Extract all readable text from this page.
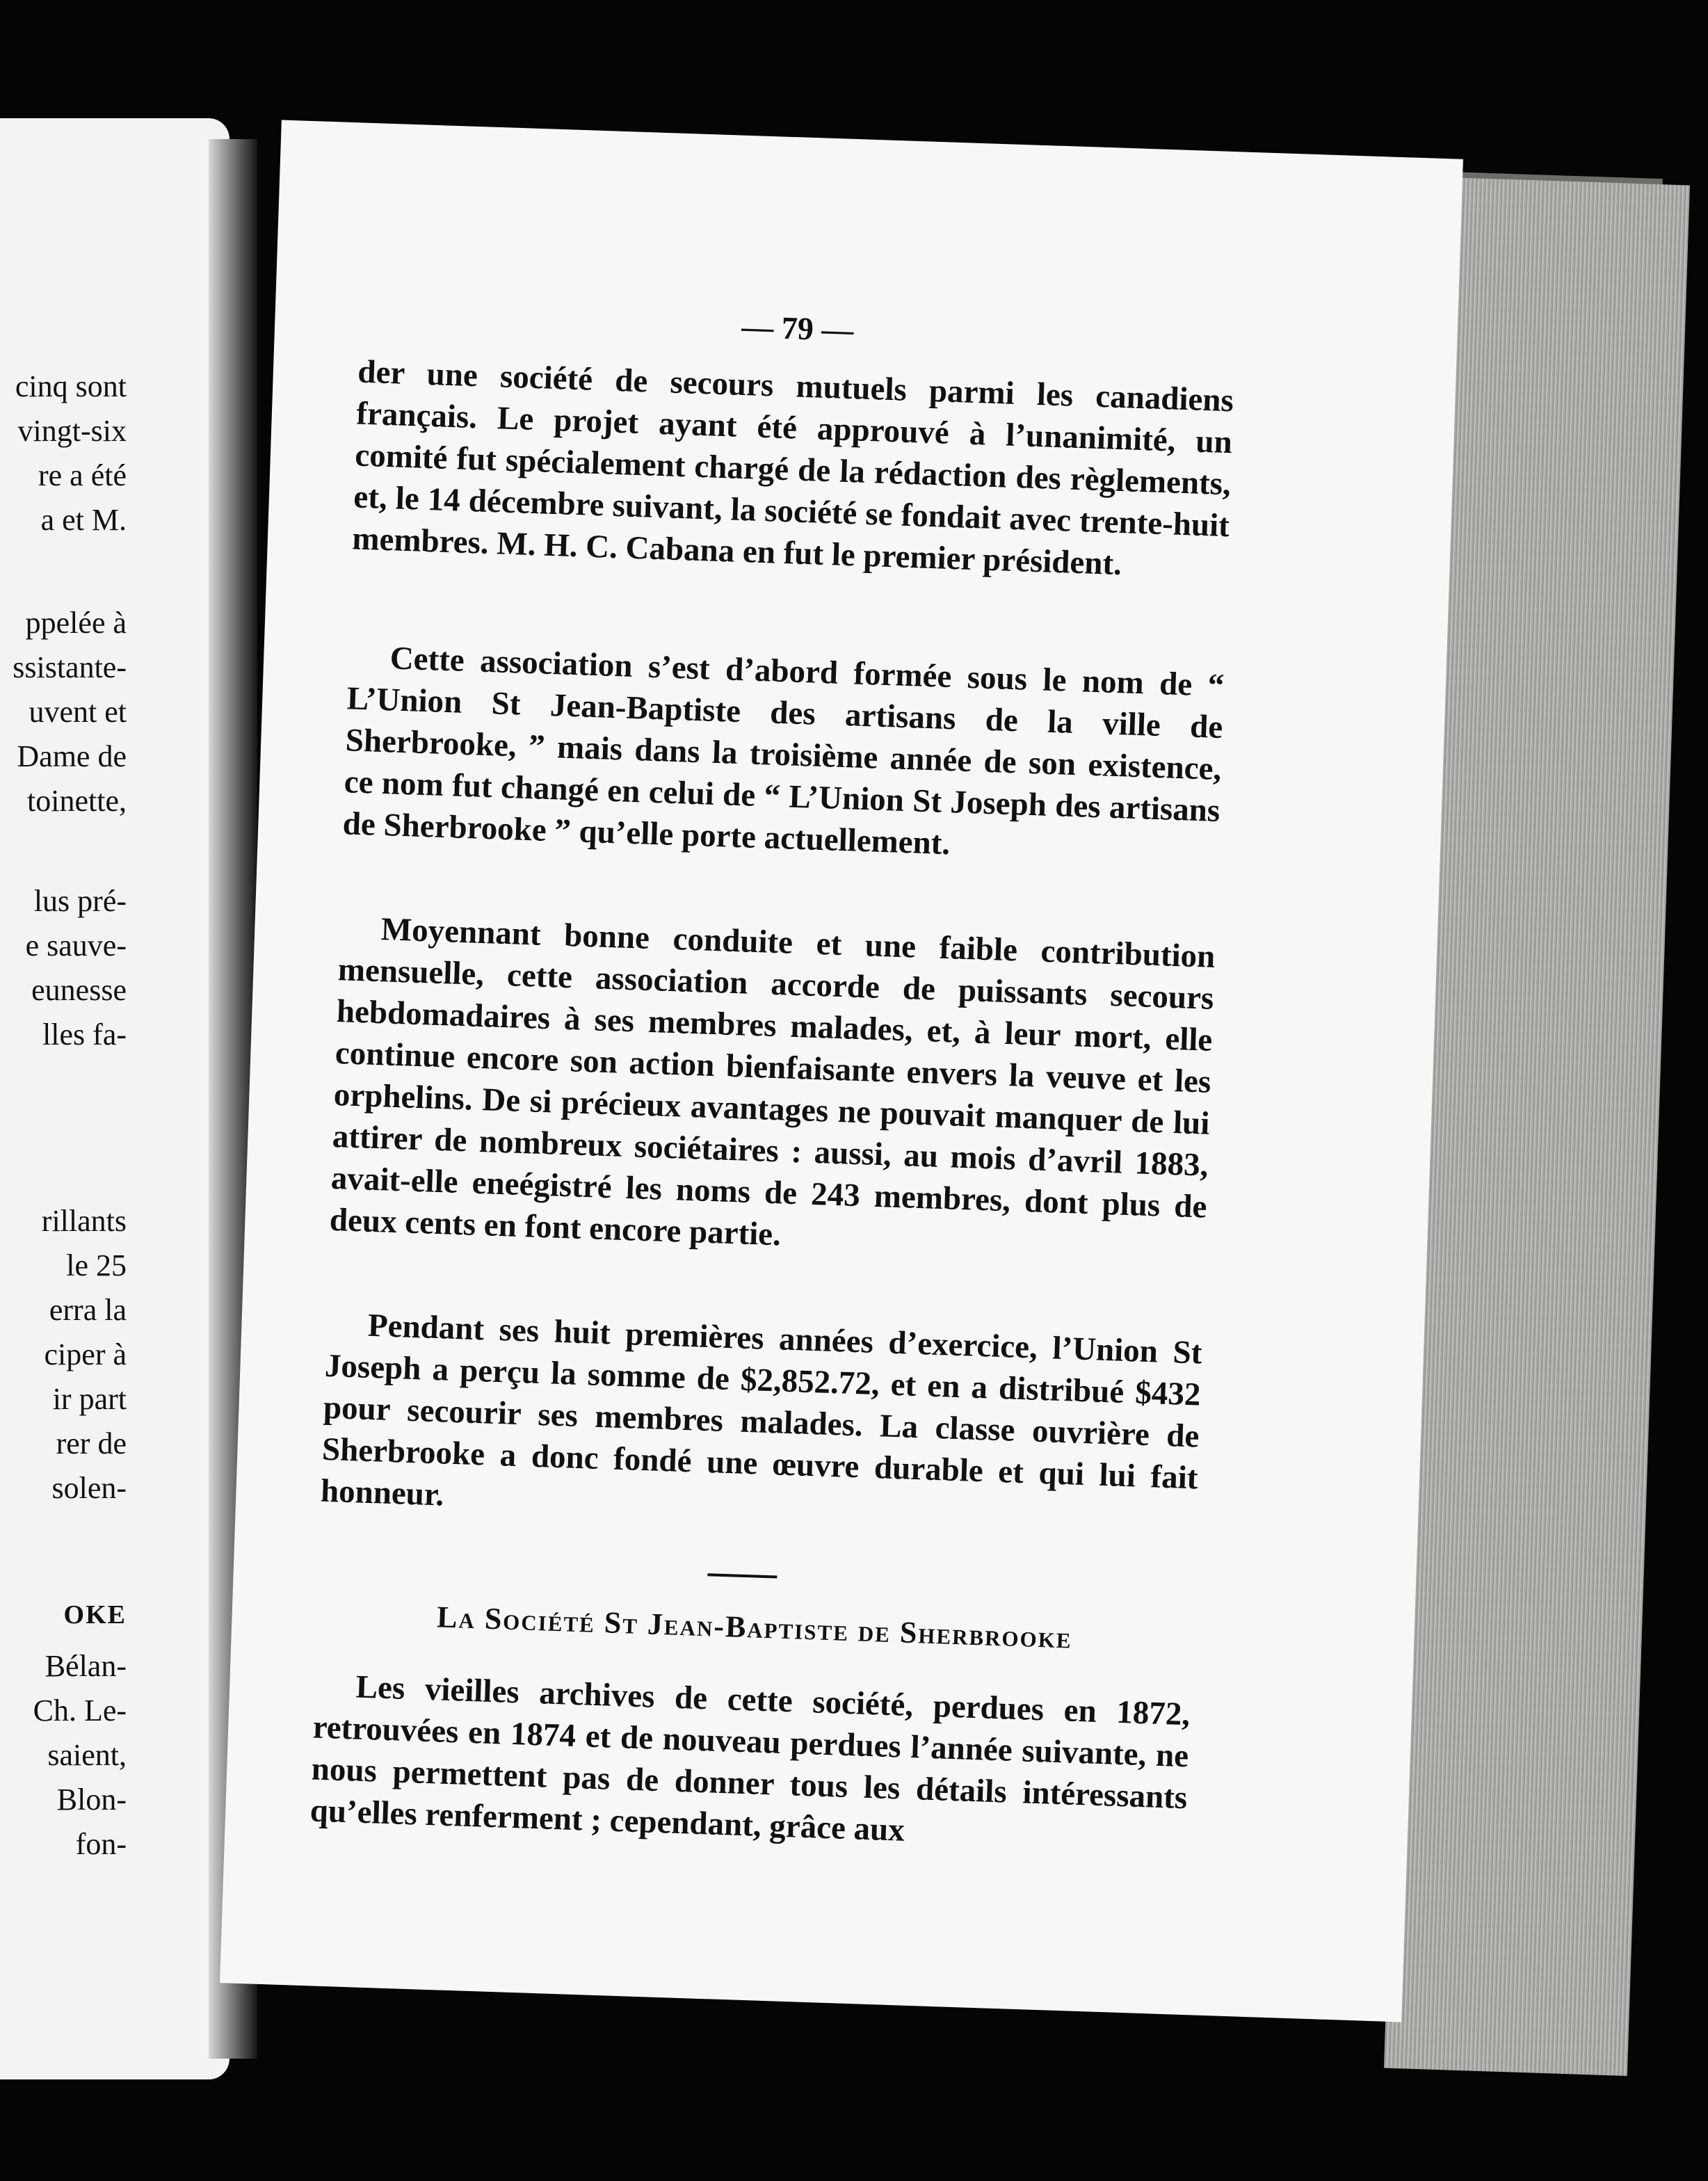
cinq sont
vingt-six
re a été
a et M.
ppelée à
ssistante-
uvent et
Dame de
toinette,
lus pré-
e sauve-
eunesse
lles fa-
rillants
le 25
erra la
ciper à
ir part
rer de
solen-
OKE
Bélan-
Ch. Le-
saient,
Blon-
fon-
— 79 —

der une société de secours mutuels parmi les canadiens français. Le projet ayant été approuvé à l’unanimité, un comité fut spécialement chargé de la rédaction des règlements, et, le 14 décembre suivant, la société se fondait avec trente-huit membres. M. H. C. Cabana en fut le premier président.

Cette association s’est d’abord formée sous le nom de “ L’Union St Jean-Baptiste des artisans de la ville de Sherbrooke, ” mais dans la troisième année de son existence, ce nom fut changé en celui de “ L’Union St Joseph des artisans de Sherbrooke ” qu’elle porte actuellement.

Moyennant bonne conduite et une faible contribution mensuelle, cette association accorde de puissants secours hebdomadaires à ses membres malades, et, à leur mort, elle continue encore son action bienfaisante envers la veuve et les orphelins. De si précieux avantages ne pouvait manquer de lui attirer de nombreux sociétaires : aussi, au mois d’avril 1883, avait-elle eneégistré les noms de 243 membres, dont plus de deux cents en font encore partie.

Pendant ses huit premières années d’exercice, l’Union St Joseph a perçu la somme de $2,852.72, et en a distribué $432 pour secourir ses membres malades. La classe ouvrière de Sherbrooke a donc fondé une œuvre durable et qui lui fait honneur.

La Société St Jean-Baptiste de Sherbrooke

Les vieilles archives de cette société, perdues en 1872, retrouvées en 1874 et de nouveau perdues l’année suivante, ne nous permettent pas de donner tous les détails intéressants qu’elles renferment ; cependant, grâce aux
